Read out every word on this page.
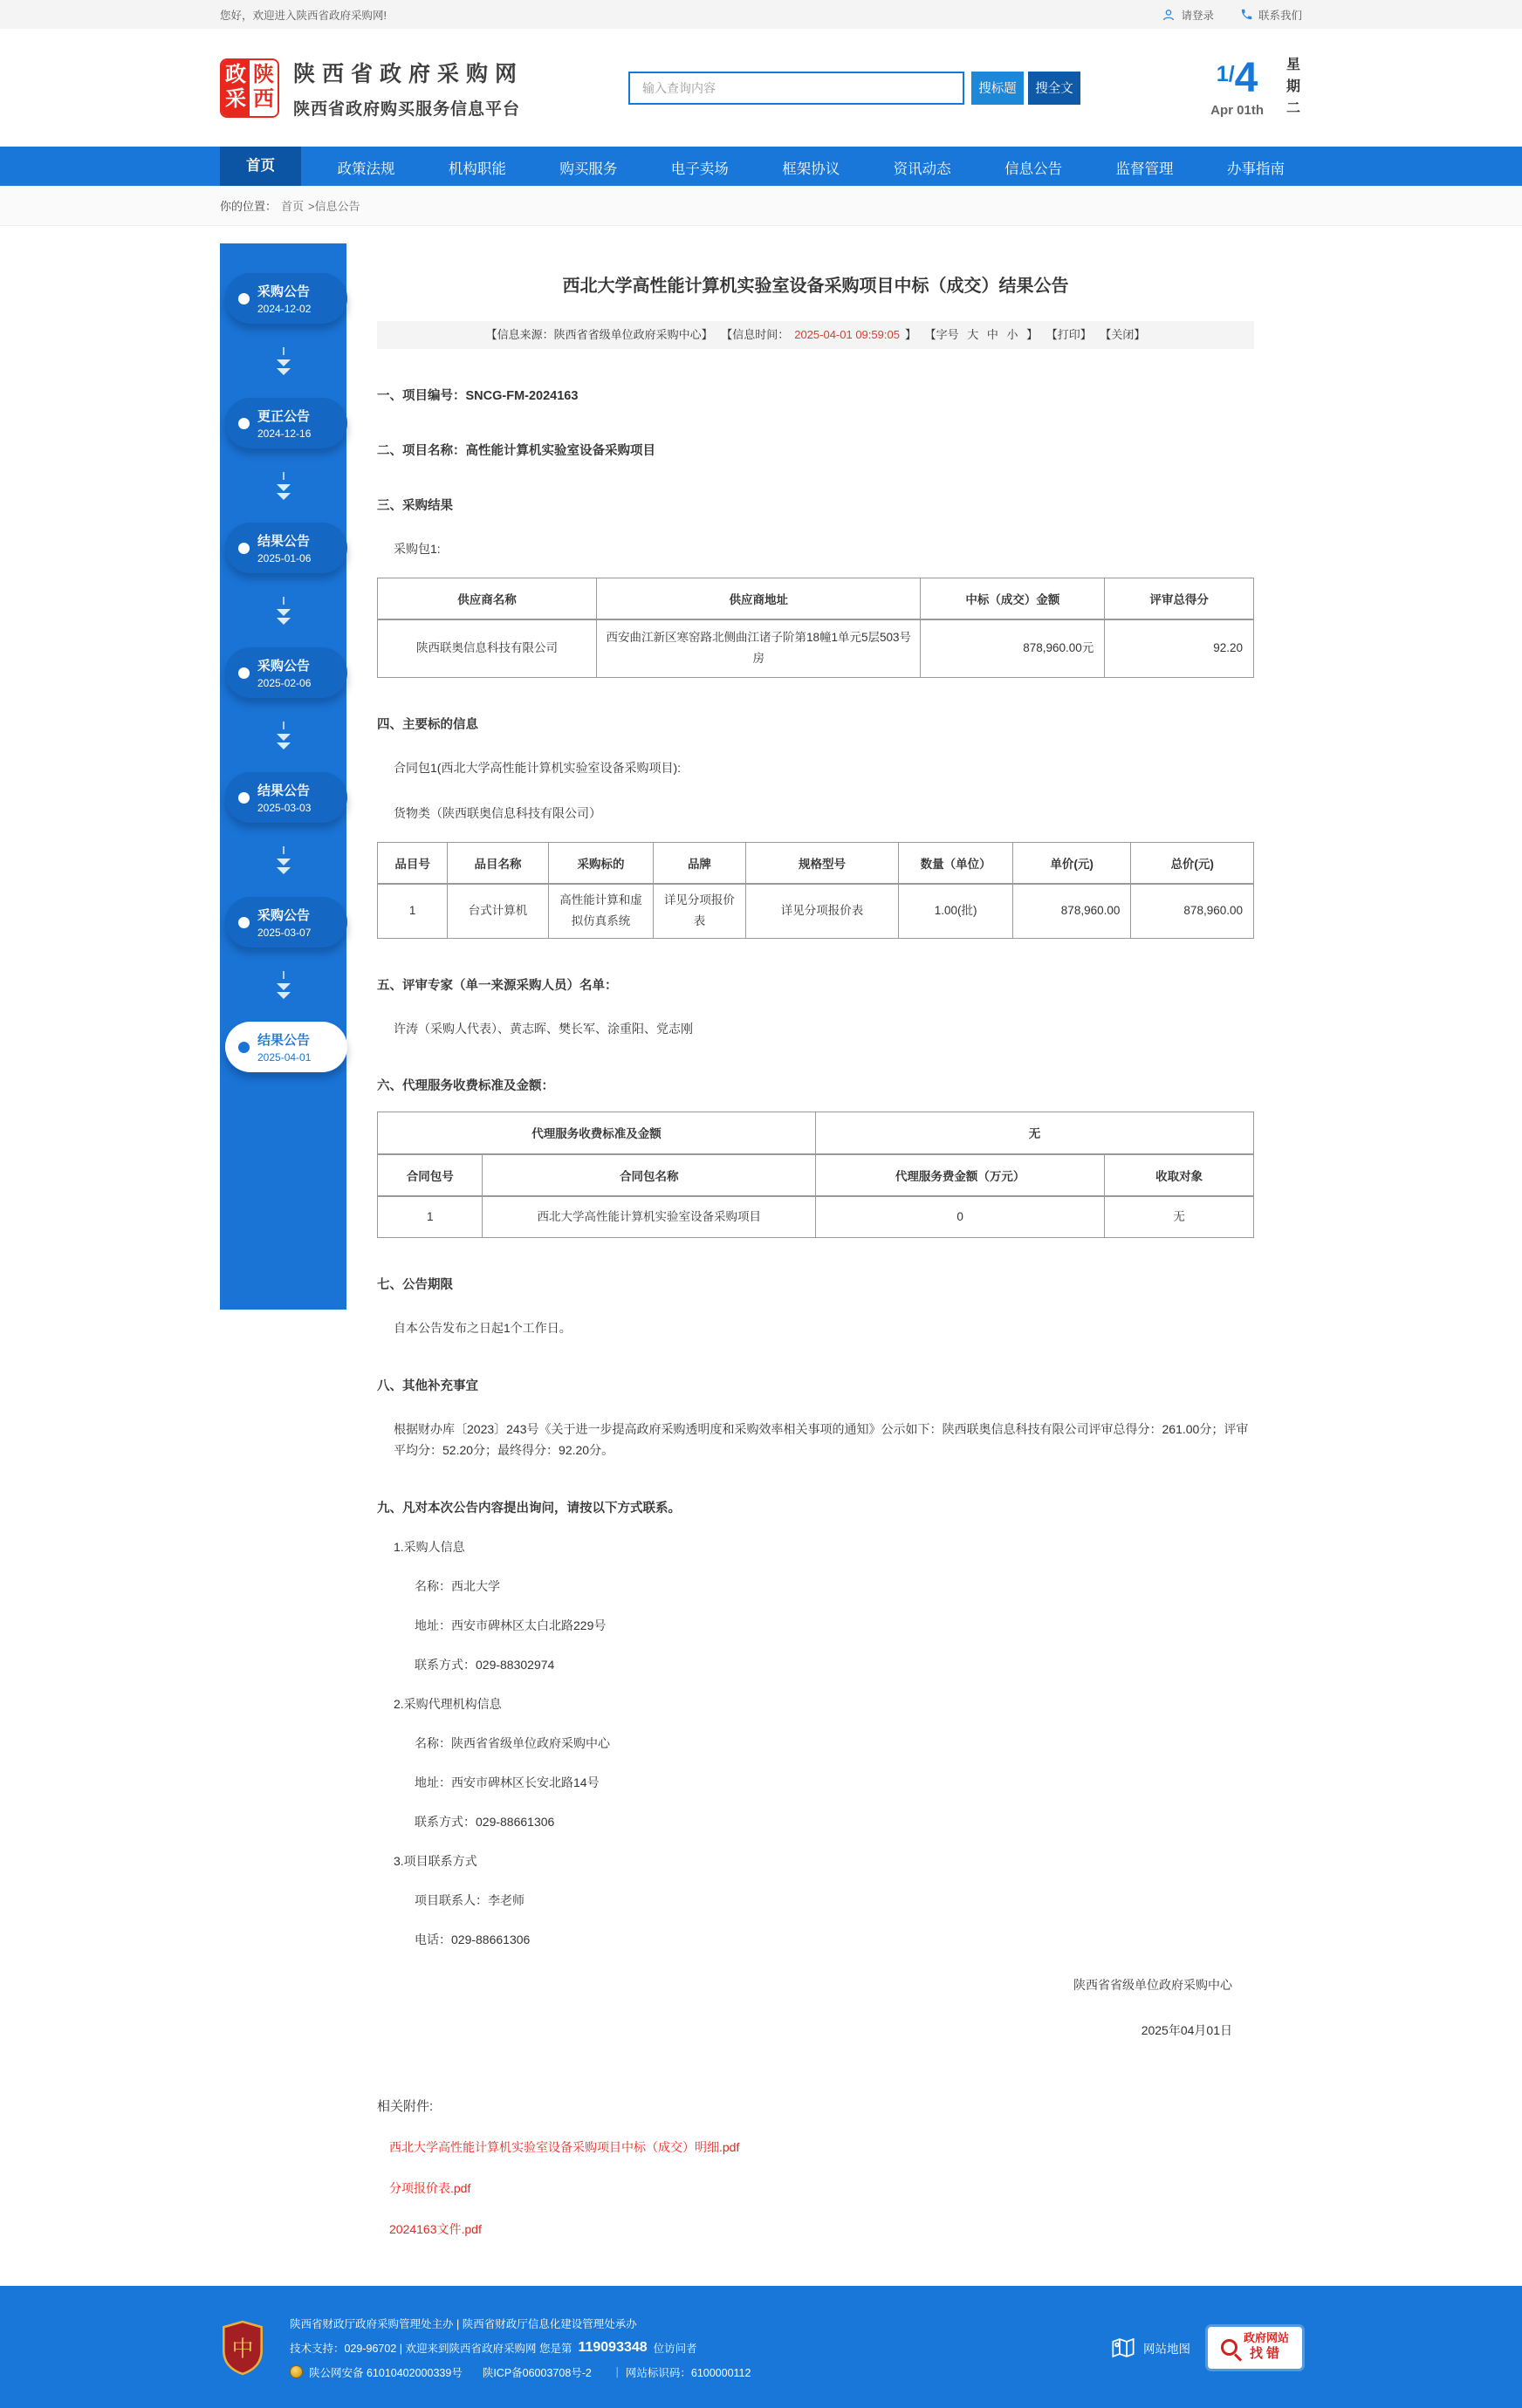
您好，欢迎进入陕西省政府采购网!	请登录	联系我们
政
采
陕
西
陕西省政府采购网
陕西省政府购买服务信息平台
输入查询内容
搜标题	搜全文
1/4
Apr 01th
星期二
首页	政策法规	机构职能	购买服务	电子卖场	框架协议	资讯动态	信息公告	监督管理	办事指南
你的位置： 首页 >信息公告
采购公告
2024-12-02
更正公告
2024-12-16
结果公告
2025-01-06
采购公告
2025-02-06
结果公告
2025-03-03
采购公告
2025-03-07
结果公告
2025-04-01
西北大学高性能计算机实验室设备采购项目中标（成交）结果公告
【信息来源：陕西省省级单位政府采购中心】 【信息时间： 2025-04-01 09:59:05 】 【字号 大 中 小 】 【打印】 【关闭】
一、项目编号：SNCG-FM-2024163
二、项目名称：高性能计算机实验室设备采购项目
三、采购结果
采购包1:
供应商名称	供应商地址	中标（成交）金额	评审总得分
陕西联奥信息科技有限公司	西安曲江新区寒窑路北侧曲江诸子阶第18幢1单元5层503号房	878,960.00元	92.20
四、主要标的信息
合同包1(西北大学高性能计算机实验室设备采购项目):
货物类（陕西联奥信息科技有限公司）
品目号	品目名称	采购标的	品牌	规格型号	数量（单位）	单价(元)	总价(元)
1	台式计算机	高性能计算和虚拟仿真系统	详见分项报价表	详见分项报价表	1.00(批)	878,960.00	878,960.00
五、评审专家（单一来源采购人员）名单：
许涛（采购人代表）、黄志晖、樊长军、涂重阳、党志刚
六、代理服务收费标准及金额：
代理服务收费标准及金额		无	
合同包号	合同包名称	代理服务费金额（万元）	收取对象
1	西北大学高性能计算机实验室设备采购项目	0	无
七、公告期限
自本公告发布之日起1个工作日。
八、其他补充事宜
根据财办库〔2023〕243号《关于进一步提高政府采购透明度和采购效率相关事项的通知》公示如下：陕西联奥信息科技有限公司评审总得分：261.00分；评审平均分：52.20分；最终得分：92.20分。
九、凡对本次公告内容提出询问，请按以下方式联系。
1.采购人信息
名称：西北大学
地址：西安市碑林区太白北路229号
联系方式：029-88302974
2.采购代理机构信息
名称：陕西省省级单位政府采购中心
地址：西安市碑林区长安北路14号
联系方式：029-88661306
3.项目联系方式
项目联系人：李老师
电话：029-88661306
陕西省省级单位政府采购中心
2025年04月01日
相关附件:
西北大学高性能计算机实验室设备采购项目中标（成交）明细.pdf
分项报价表.pdf
2024163文件.pdf
中
陕西省财政厅政府采购管理处主办 | 陕西省财政厅信息化建设管理处承办
技术支持：029-96702 | 欢迎来到陕西省政府采购网 您是第 119093348 位访问者
陕公网安备 61010402000339号 陕ICP备06003708号-2 ｜ 网站标识码：6100000112
网站地图
政府网站
找错
